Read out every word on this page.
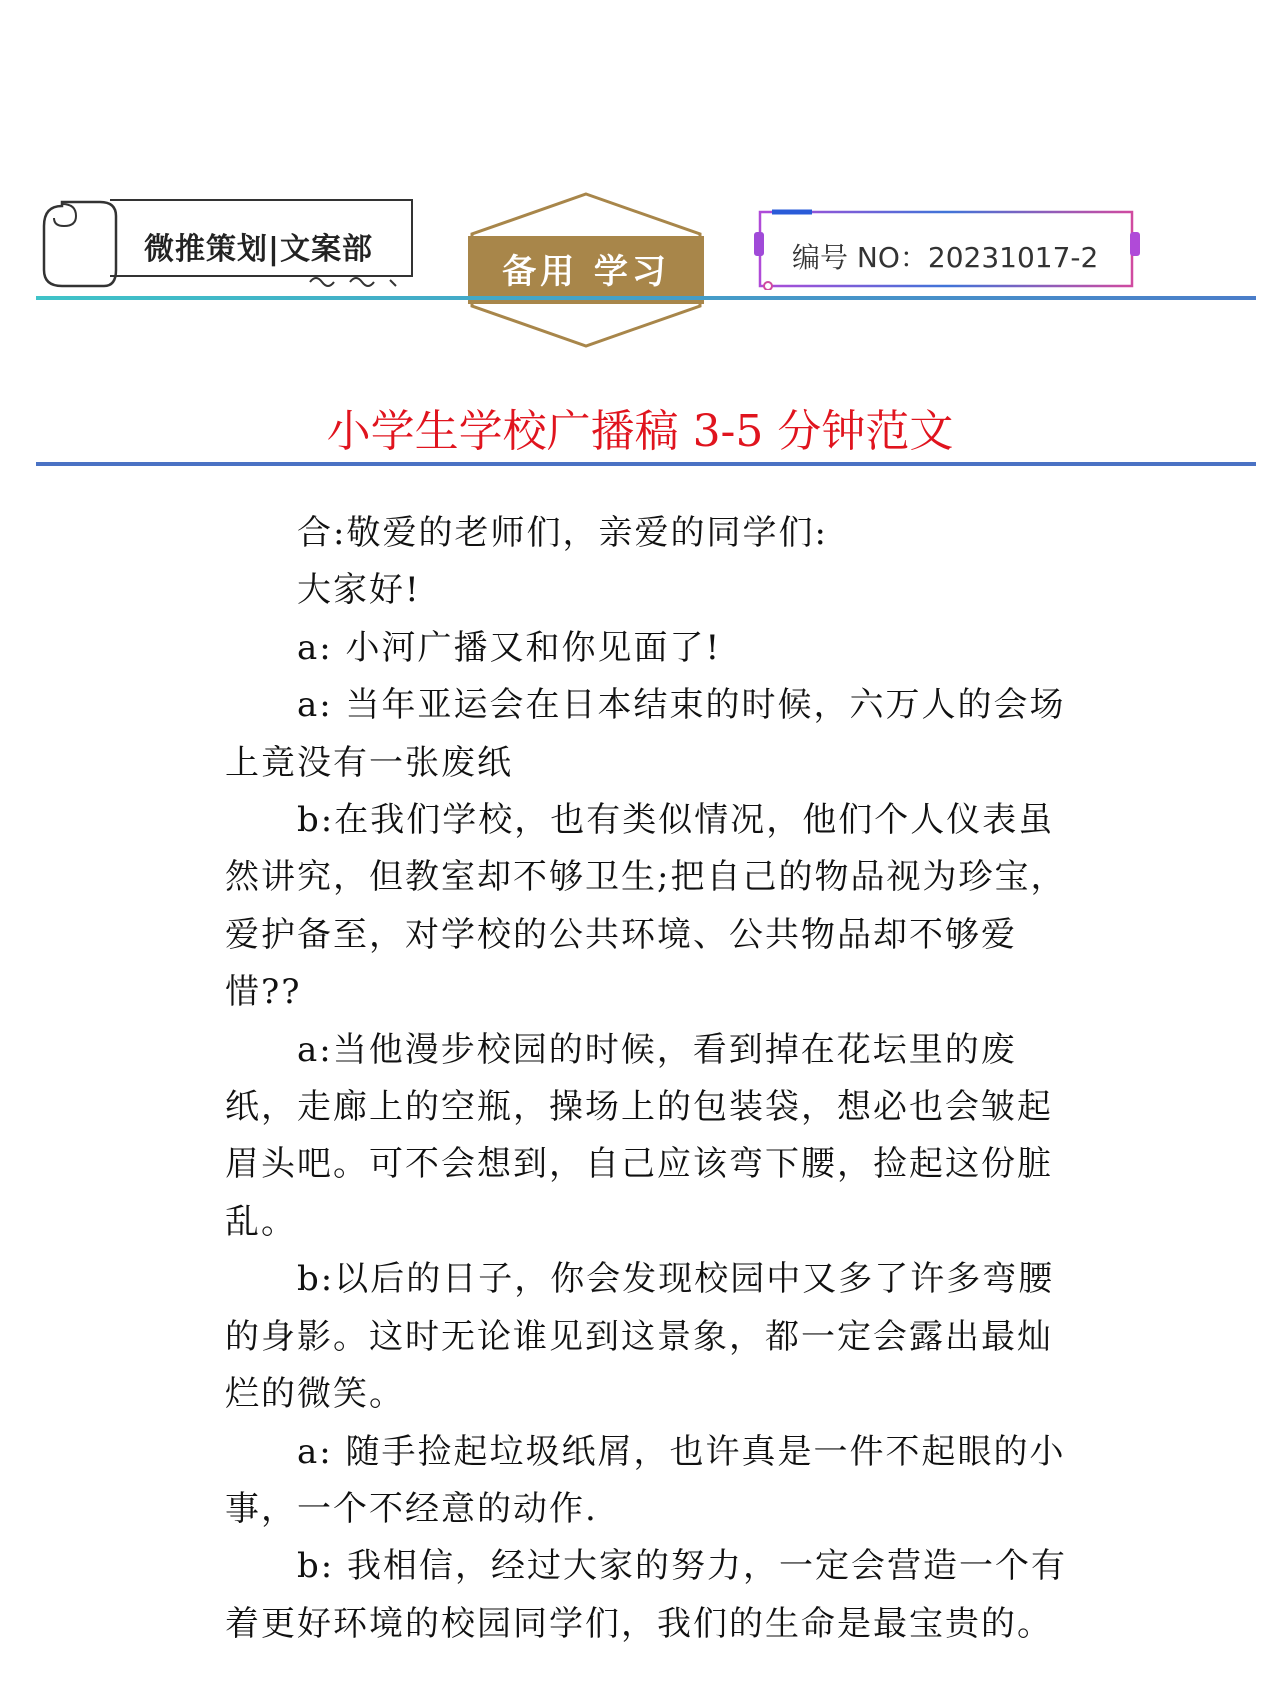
微推策划|文案部
备用 学习	编号 NO：20231017-2
小学生学校广播稿 3-5 分钟范文

合:敬爱的老师们，亲爱的同学们:

大家好!

a: 小河广播又和你见面了!

a: 当年亚运会在日本结束的时候，六万人的会场上竟没有一张废纸

b:在我们学校，也有类似情况，他们个人仪表虽然讲究，但教室却不够卫生;把自己的物品视为珍宝，爱护备至，对学校的公共环境、公共物品却不够爱惜??

a:当他漫步校园的时候，看到掉在花坛里的废纸，走廊上的空瓶，操场上的包装袋，想必也会皱起眉头吧。可不会想到，自己应该弯下腰，捡起这份脏乱。

b:以后的日子，你会发现校园中又多了许多弯腰的身影。这时无论谁见到这景象，都一定会露出最灿烂的微笑。

a: 随手捡起垃圾纸屑，也许真是一件不起眼的小事，一个不经意的动作.

b: 我相信，经过大家的努力，一定会营造一个有着更好环境的校园同学们，我们的生命是最宝贵的。
